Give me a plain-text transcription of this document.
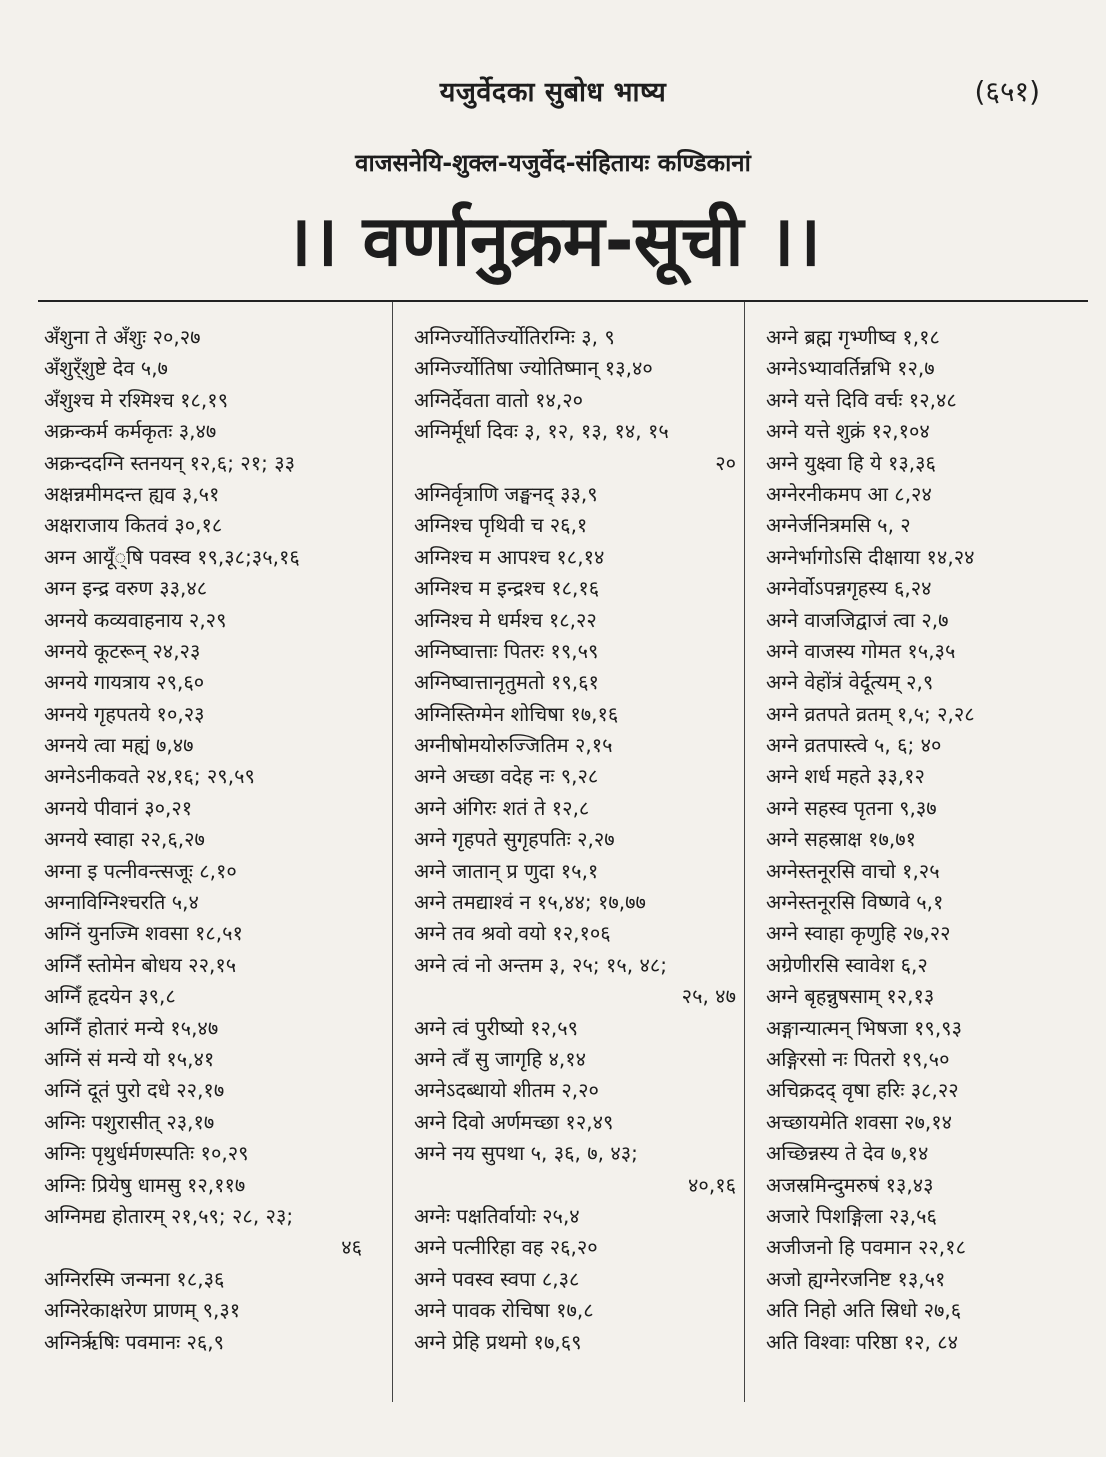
यजुर्वेदका सुबोध भाष्य	(६५१)
वाजसनेयि-शुक्ल-यजुर्वेद-संहितायः कण्डिकानां
।। वर्णानुक्रम-सूची ।।
अँशुना ते अँशुः २०,२७
अँशुर्ँशुष्टे देव ५,७
अँशुश्च मे रश्मिश्च १८,१९
अक्रन्कर्म कर्मकृतः ३,४७
अक्रन्ददग्नि स्तनयन् १२,६; २१; ३३
अक्षन्नमीमदन्त ह्यव ३,५१
अक्षराजाय कितवं ३०,१८
अग्न आयूँ्षि पवस्व १९,३८;३५,१६
अग्न इन्द्र वरुण ३३,४८
अग्नये कव्यवाहनाय २,२९
अग्नये कूटरून् २४,२३
अग्नये गायत्राय २९,६०
अग्नये गृहपतये १०,२३
अग्नये त्वा मह्यं ७,४७
अग्नेऽनीकवते २४,१६; २९,५९
अग्नये पीवानं ३०,२१
अग्नये स्वाहा २२,६,२७
अग्ना इ पत्नीवन्त्सजूः ८,१०
अग्नाविग्निश्चरति ५,४
अग्निं युनज्मि शवसा १८,५१
अग्निँ स्तोमेन बोधय २२,१५
अग्निँ हृदयेन ३९,८
अग्निँ होतारं मन्ये १५,४७
अग्निं सं मन्ये यो १५,४१
अग्निं दूतं पुरो दधे २२,१७
अग्निः पशुरासीत् २३,१७
अग्निः पृथुर्धर्मणस्पतिः १०,२९
अग्निः प्रियेषु धामसु १२,११७
अग्निमद्य होतारम् २१,५९; २८, २३;
४६
अग्निरस्मि जन्मना १८,३६
अग्निरेकाक्षरेण प्राणम् ९,३१
अग्निर्ऋषिः पवमानः २६,९
अग्निर्ज्योतिर्ज्योतिरग्निः ३, ९
अग्निर्ज्योतिषा ज्योतिष्मान् १३,४०
अग्निर्देवता वातो १४,२०
अग्निर्मूर्धा दिवः ३, १२, १३, १४, १५
२०
अग्निर्वृत्राणि जङ्घनद् ३३,९
अग्निश्च पृथिवी च २६,१
अग्निश्च म आपश्च १८,१४
अग्निश्च म इन्द्रश्च १८,१६
अग्निश्च मे धर्मश्च १८,२२
अग्निष्वात्ताः पितरः १९,५९
अग्निष्वात्तानृतुमतो १९,६१
अग्निस्तिग्मेन शोचिषा १७,१६
अग्नीषोमयोरुज्जितिम २,१५
अग्ने अच्छा वदेह नः ९,२८
अग्ने अंगिरः शतं ते १२,८
अग्ने गृहपते सुगृहपतिः २,२७
अग्ने जातान् प्र णुदा १५,१
अग्ने तमद्याश्वं न १५,४४; १७,७७
अग्ने तव श्रवो वयो १२,१०६
अग्ने त्वं नो अन्तम ३, २५; १५, ४८;
२५, ४७
अग्ने त्वं पुरीष्यो १२,५९
अग्ने त्वँ सु जागृहि ४,१४
अग्नेऽदब्धायो शीतम २,२०
अग्ने दिवो अर्णमच्छा १२,४९
अग्ने नय सुपथा ५, ३६, ७, ४३;
४०,१६
अग्नेः पक्षतिर्वायोः २५,४
अग्ने पत्नीरिहा वह २६,२०
अग्ने पवस्व स्वपा ८,३८
अग्ने पावक रोचिषा १७,८
अग्ने प्रेहि प्रथमो १७,६९
अग्ने ब्रह्म गृभ्णीष्व १,१८
अग्नेऽभ्यावर्तिन्नभि १२,७
अग्ने यत्ते दिवि वर्चः १२,४८
अग्ने यत्ते शुक्रं १२,१०४
अग्ने युक्ष्वा हि ये १३,३६
अग्नेरनीकमप आ ८,२४
अग्नेर्जनित्रमसि ५, २
अग्नेर्भागोऽसि दीक्षाया १४,२४
अग्नेर्वोऽपन्नगृहस्य ६,२४
अग्ने वाजजिद्वाजं त्वा २,७
अग्ने वाजस्य गोमत १५,३५
अग्ने वेहोंत्रं वेर्दूत्यम् २,९
अग्ने व्रतपते व्रतम् १,५; २,२८
अग्ने व्रतपास्त्वे ५, ६; ४०
अग्ने शर्ध महते ३३,१२
अग्ने सहस्व पृतना ९,३७
अग्ने सहस्राक्ष १७,७१
अग्नेस्तनूरसि वाचो १,२५
अग्नेस्तनूरसि विष्णवे ५,१
अग्ने स्वाहा कृणुहि २७,२२
अग्रेणीरसि स्वावेश ६,२
अग्ने बृहन्नुषसाम् १२,१३
अङ्गान्यात्मन् भिषजा १९,९३
अङ्गिरसो नः पितरो १९,५०
अचिक्रदद् वृषा हरिः ३८,२२
अच्छायमेति शवसा २७,१४
अच्छिन्नस्य ते देव ७,१४
अजस्रमिन्दुमरुषं १३,४३
अजारे पिशङ्गिला २३,५६
अजीजनो हि पवमान २२,१८
अजो ह्यग्नेरजनिष्ट १३,५१
अति निहो अति स्रिधो २७,६
अति विश्वाः परिष्ठा १२, ८४
